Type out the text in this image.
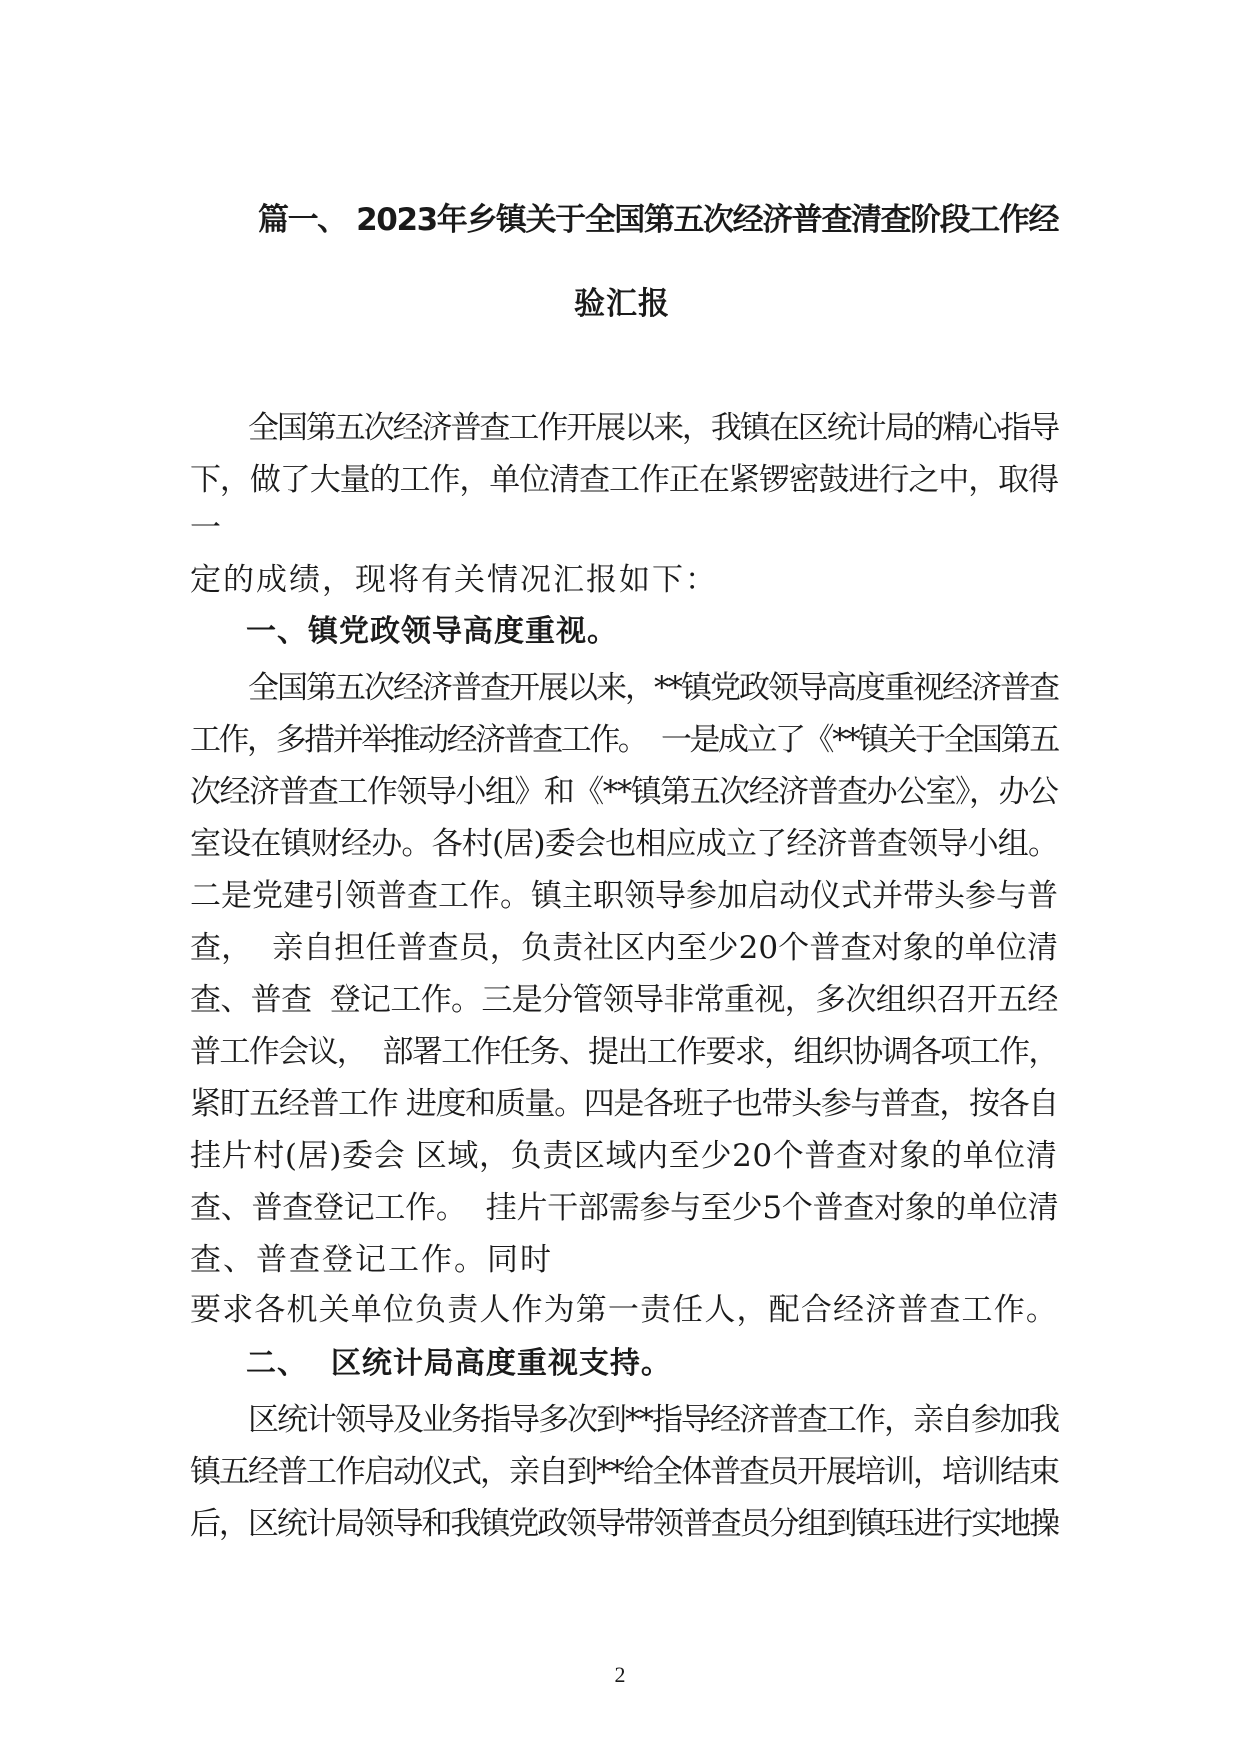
篇一、 2023年乡镇关于全国第五次经济普查清查阶段工作经
验汇报
全国第五次经济普查工作开展以来，我镇在区统计局的精心指导
下，做了大量的工作，单位清查工作正在紧锣密鼓进行之中，取得
一
定的成绩，现将有关情况汇报如下：
一、镇党政领导高度重视。
全国第五次经济普查开展以来，**镇党政领导高度重视经济普查
工作，多措并举推动经济普查工作。  一是成立了《**镇关于全国第五
次经济普查工作领导小组》和《**镇第五次经济普查办公室》，办公
室设在镇财经办。各村(居)委会也相应成立了经济普查领导小组。
二是党建引领普查工作。镇主职领导参加启动仪式并带头参与普
查，  亲自担任普查员，负责社区内至少20个普查对象的单位清
查、普查  登记工作。三是分管领导非常重视，多次组织召开五经
普工作会议，  部署工作任务、提出工作要求，组织协调各项工作，
紧盯五经普工作 进度和质量。四是各班子也带头参与普查，按各自
挂片村(居)委会 区域，负责区域内至少20个普查对象的单位清
查、普查登记工作。  挂片干部需参与至少5个普查对象的单位清
查、普查登记工作。同时
要求各机关单位负责人作为第一责任人，配合经济普查工作。
二、  区统计局高度重视支持。
区统计领导及业务指导多次到**指导经济普查工作，亲自参加我
镇五经普工作启动仪式，亲自到**给全体普查员开展培训，培训结束
后，区统计局领导和我镇党政领导带领普查员分组到镇珏进行实地操
2
